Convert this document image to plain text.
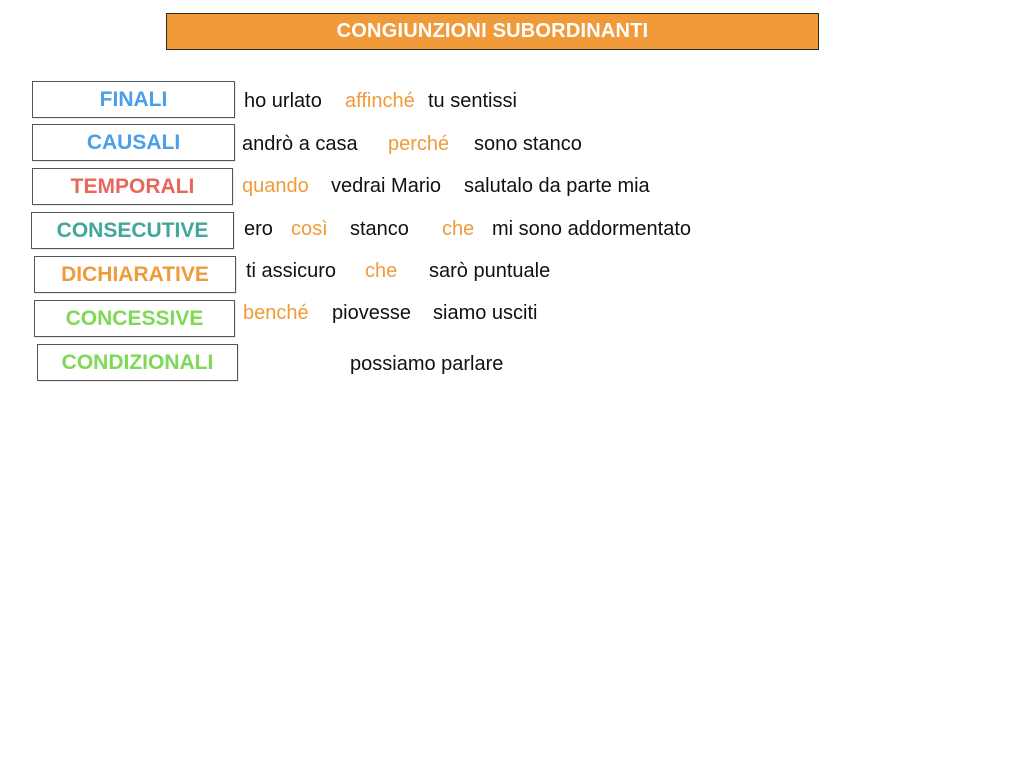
CONGIUNZIONI SUBORDINANTI
FINALI	ho urlato affinché tu sentissi
CAUSALI	andrò a casa perché sono stanco
TEMPORALI	quando vedrai Mario salutalo da parte mia
CONSECUTIVE	ero così stanco che mi sono addormentato
DICHIARATIVE	ti assicuro che sarò puntuale
CONCESSIVE	benché piovesse siamo usciti
CONDIZIONALI	possiamo parlare
